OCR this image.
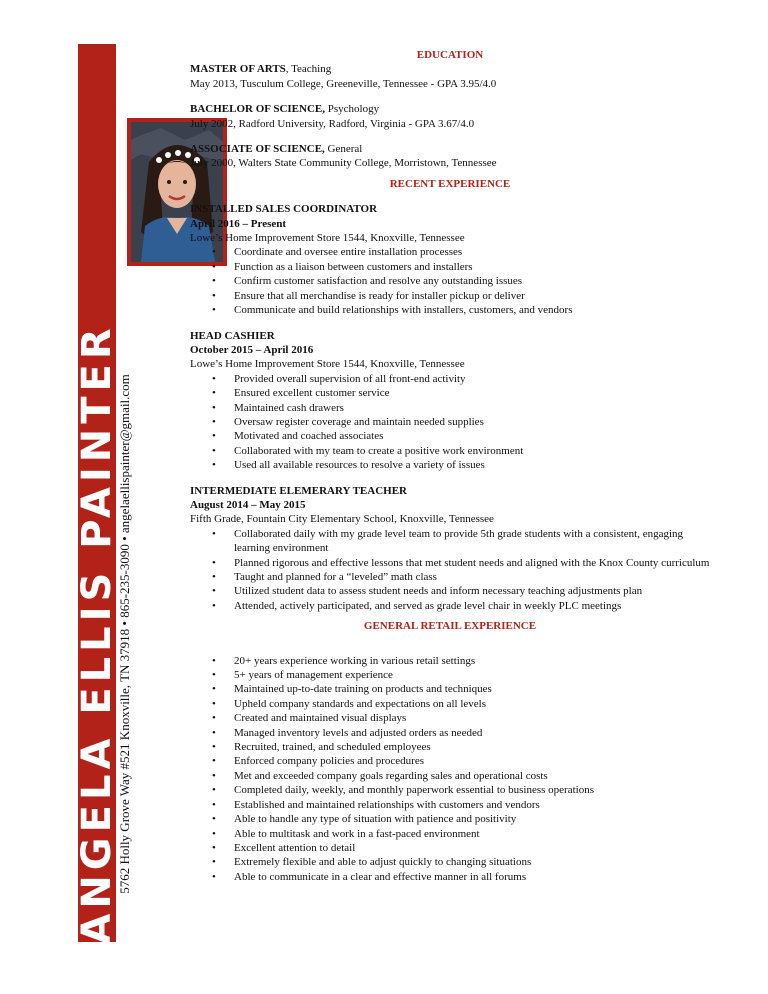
ANGELA ELLIS PAINTER
5762 Holly Grove Way #521 Knoxville, TN 37918 • 865-235-3090 • angelaellispainter@gmail.com

EDUCATION

MASTER OF ARTS, Teaching

May 2013, Tusculum College, Greeneville, Tennessee - GPA 3.95/4.0

BACHELOR OF SCIENCE, Psychology

July 2002, Radford University, Radford, Virginia - GPA 3.67/4.0

ASSOCIATE OF SCIENCE, General

July 2000, Walters State Community College, Morristown, Tennessee

RECENT EXPERIENCE

INSTALLED SALES COORDINATOR

April 2016 – Present

Lowe’s Home Improvement Store 1544, Knoxville, Tennessee

• Coordinate and oversee entire installation processes
• Function as a liaison between customers and installers
• Confirm customer satisfaction and resolve any outstanding issues
• Ensure that all merchandise is ready for installer pickup or deliver
• Communicate and build relationships with installers, customers, and vendors

HEAD CASHIER

October 2015 – April 2016

Lowe’s Home Improvement Store 1544, Knoxville, Tennessee

• Provided overall supervision of all front-end activity
• Ensured excellent customer service
• Maintained cash drawers
• Oversaw register coverage and maintain needed supplies
• Motivated and coached associates
• Collaborated with my team to create a positive work environment
• Used all available resources to resolve a variety of issues

INTERMEDIATE ELEMERARY TEACHER

August 2014 – May 2015

Fifth Grade, Fountain City Elementary School, Knoxville, Tennessee

• Collaborated daily with my grade level team to provide 5th grade students with a consistent, engaging learning environment
• Planned rigorous and effective lessons that met student needs and aligned with the Knox County curriculum
• Taught and planned for a “leveled” math class
• Utilized student data to assess student needs and inform necessary teaching adjustments plan
• Attended, actively participated, and served as grade level chair in weekly PLC meetings

GENERAL RETAIL EXPERIENCE

• 20+ years experience working in various retail settings
• 5+ years of management experience
• Maintained up-to-date training on products and techniques
• Upheld company standards and expectations on all levels
• Created and maintained visual displays
• Managed inventory levels and adjusted orders as needed
• Recruited, trained, and scheduled employees
• Enforced company policies and procedures
• Met and exceeded company goals regarding sales and operational costs
• Completed daily, weekly, and monthly paperwork essential to business operations
• Established and maintained relationships with customers and vendors
• Able to handle any type of situation with patience and positivity
• Able to multitask and work in a fast-paced environment
• Excellent attention to detail
• Extremely flexible and able to adjust quickly to changing situations
• Able to communicate in a clear and effective manner in all forums
